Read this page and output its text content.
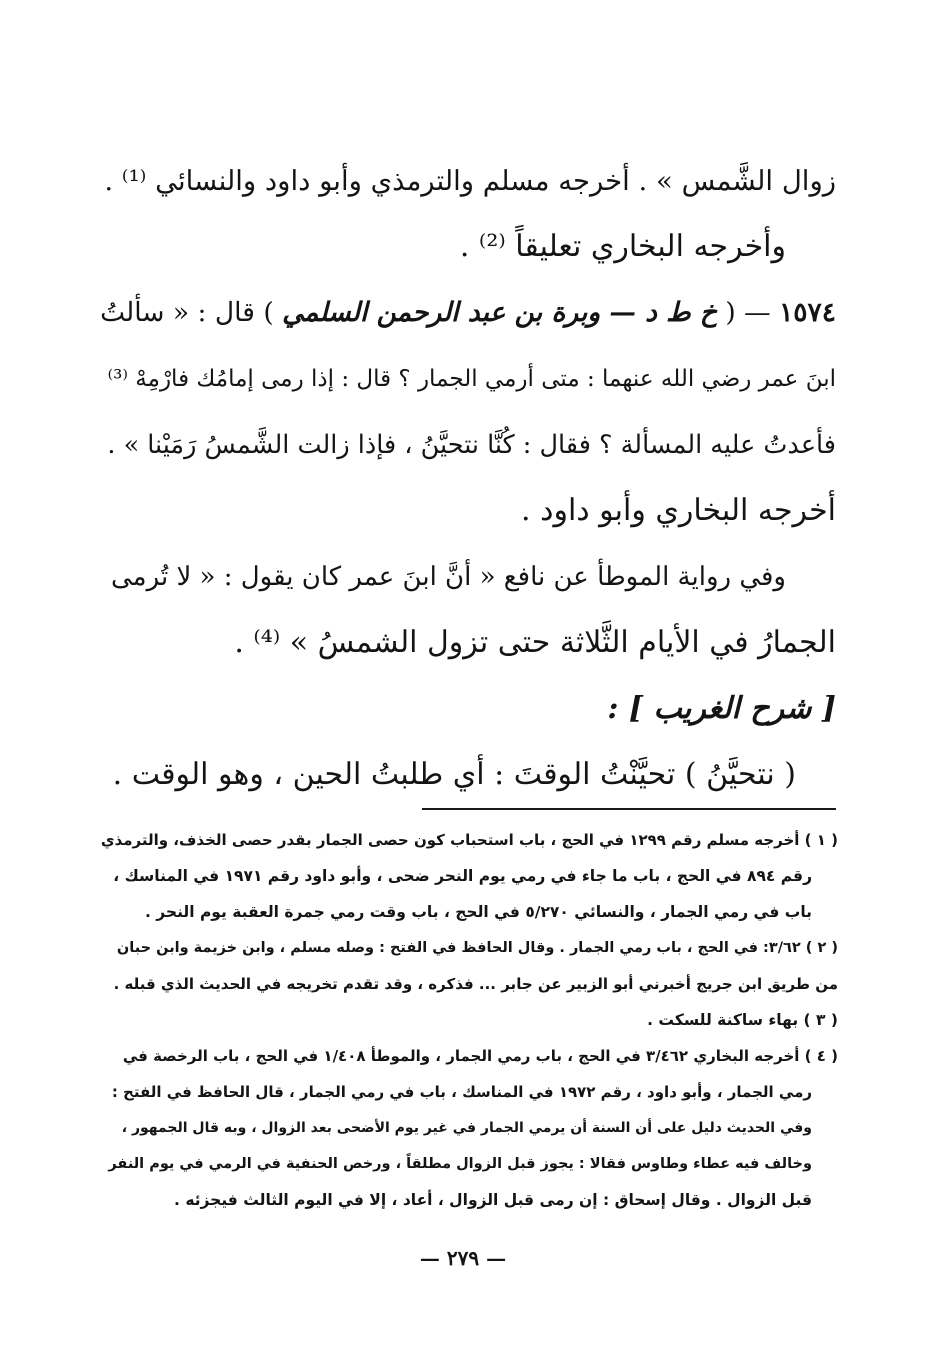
زوال الشَّمس » . أخرجه مسلم والترمذي وأبو داود والنسائي ⁽¹⁾ .

وأخرجه البخاري تعليقاً ⁽²⁾ .

١٥٧٤ — ( خ ط د — وبرة بن عبد الرحمن السلمي ) قال : « سألتُ

ابنَ عمر رضي الله عنهما : متى أرمي الجمار ؟ قال : إذا رمى إمامُك فارْمِهْ ⁽³⁾

فأعدتُ عليه المسألة ؟ فقال : كُنَّا نتحيَّنُ ، فإذا زالت الشَّمسُ رَمَيْنا » .

أخرجه البخاري وأبو داود .

وفي رواية الموطأ عن نافع « أنَّ ابنَ عمر كان يقول : « لا تُرمى

الجمارُ في الأيام الثَّلاثة حتى تزول الشمسُ » ⁽⁴⁾ .

[ شرح الغريب ] :

( نتحيَّنُ ) تحيَّنْتُ الوقتَ : أي طلبتُ الحين ، وهو الوقت .

( ١ ) أخرجه مسلم رقم ١٢٩٩ في الحج ، باب استحباب كون حصى الجمار بقدر حصى الخذف، والترمذي

رقم ٨٩٤ في الحج ، باب ما جاء في رمي يوم النحر ضحى ، وأبو داود رقم ١٩٧١ في المناسك ،

باب في رمي الجمار ، والنسائي ٥/٢٧٠ في الحج ، باب وقت رمي جمرة العقبة يوم النحر .

( ٢ ) ٣/٦٢: في الحج ، باب رمي الجمار . وقال الحافظ في الفتح : وصله مسلم ، وابن خزيمة وابن حبان

من طريق ابن جريج أخبرني أبو الزبير عن جابر ... فذكره ، وقد تقدم تخريجه في الحديث الذي قبله .

( ٣ ) بهاء ساكنة للسكت .

( ٤ ) أخرجه البخاري ٣/٤٦٢ في الحج ، باب رمي الجمار ، والموطأ ١/٤٠٨ في الحج ، باب الرخصة في

رمي الجمار ، وأبو داود ، رقم ١٩٧٢ في المناسك ، باب في رمي الجمار ، قال الحافظ في الفتح :

وفي الحديث دليل على أن السنة أن يرمي الجمار في غير يوم الأضحى بعد الزوال ، وبه قال الجمهور ،

وخالف فيه عطاء وطاوس فقالا : يجوز قبل الزوال مطلقاً ، ورخص الحنفية في الرمي في يوم النفر

قبل الزوال . وقال إسحاق : إن رمى قبل الزوال ، أعاد ، إلا في اليوم الثالث فيجزئه .

— ٢٧٩ —
